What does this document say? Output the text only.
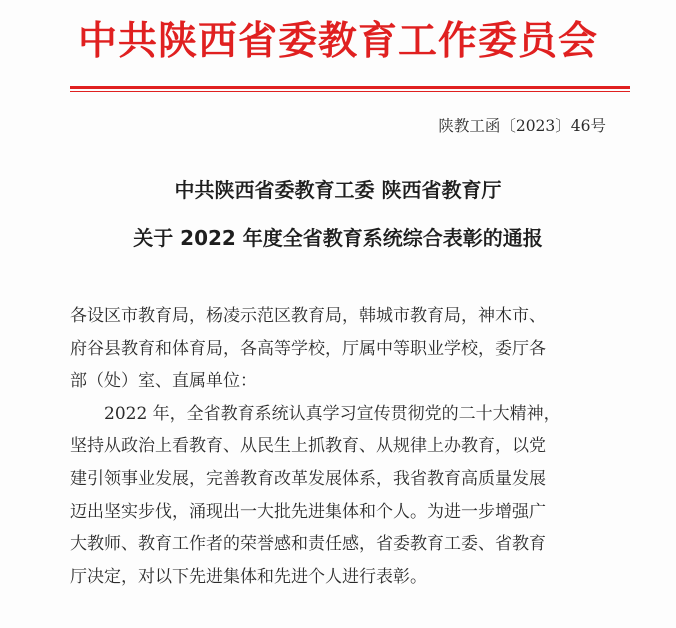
中共陕西省委教育工作委员会
陕教工函〔2023〕46号
中共陕西省委教育工委 陕西省教育厅
关于 2022 年度全省教育系统综合表彰的通报
各设区市教育局，杨凌示范区教育局，韩城市教育局，神木市、
府谷县教育和体育局，各高等学校，厅属中等职业学校，委厅各
部（处）室、直属单位：
2022 年，全省教育系统认真学习宣传贯彻党的二十大精神，
坚持从政治上看教育、从民生上抓教育、从规律上办教育，以党
建引领事业发展，完善教育改革发展体系，我省教育高质量发展
迈出坚实步伐，涌现出一大批先进集体和个人。为进一步增强广
大教师、教育工作者的荣誉感和责任感，省委教育工委、省教育
厅决定，对以下先进集体和先进个人进行表彰。
